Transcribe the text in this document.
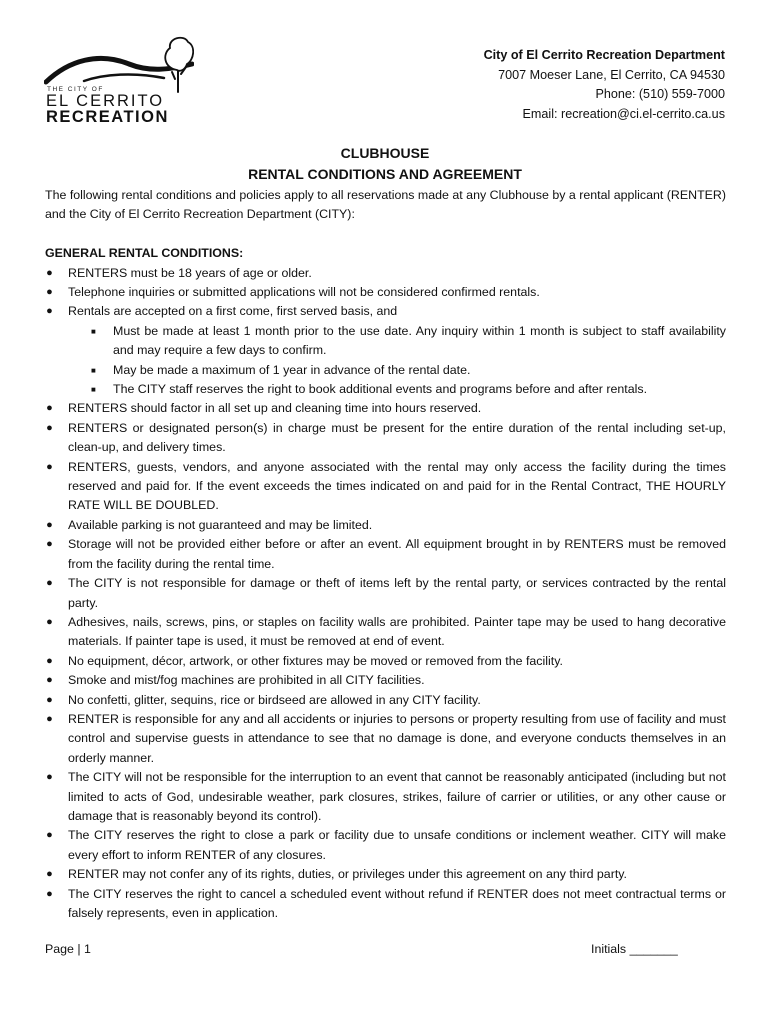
THE CITY OF
EL CERRITO
RECREATION
City of El Cerrito Recreation Department
7007 Moeser Lane, El Cerrito, CA 94530
Phone: (510) 559-7000
Email: recreation@ci.el-cerrito.ca.us
CLUBHOUSE
RENTAL CONDITIONS AND AGREEMENT

The following rental conditions and policies apply to all reservations made at any Clubhouse by a rental applicant (RENTER) and the City of El Cerrito Recreation Department (CITY):

GENERAL RENTAL CONDITIONS:
● RENTERS must be 18 years of age or older.
● Telephone inquiries or submitted applications will not be considered confirmed rentals.
● Rentals are accepted on a first come, first served basis, and
■ Must be made at least 1 month prior to the use date. Any inquiry within 1 month is subject to staff availability and may require a few days to confirm.
■ May be made a maximum of 1 year in advance of the rental date.
■ The CITY staff reserves the right to book additional events and programs before and after rentals.
● RENTERS should factor in all set up and cleaning time into hours reserved.
● RENTERS or designated person(s) in charge must be present for the entire duration of the rental including set-up, clean-up, and delivery times.
● RENTERS, guests, vendors, and anyone associated with the rental may only access the facility during the times reserved and paid for. If the event exceeds the times indicated on and paid for in the Rental Contract, THE HOURLY RATE WILL BE DOUBLED.
● Available parking is not guaranteed and may be limited.
● Storage will not be provided either before or after an event. All equipment brought in by RENTERS must be removed from the facility during the rental time.
● The CITY is not responsible for damage or theft of items left by the rental party, or services contracted by the rental party.
● Adhesives, nails, screws, pins, or staples on facility walls are prohibited. Painter tape may be used to hang decorative materials. If painter tape is used, it must be removed at end of event.
● No equipment, décor, artwork, or other fixtures may be moved or removed from the facility.
● Smoke and mist/fog machines are prohibited in all CITY facilities.
● No confetti, glitter, sequins, rice or birdseed are allowed in any CITY facility.
● RENTER is responsible for any and all accidents or injuries to persons or property resulting from use of facility and must control and supervise guests in attendance to see that no damage is done, and everyone conducts themselves in an orderly manner.
● The CITY will not be responsible for the interruption to an event that cannot be reasonably anticipated (including but not limited to acts of God, undesirable weather, park closures, strikes, failure of carrier or utilities, or any other cause or damage that is reasonably beyond its control).
● The CITY reserves the right to close a park or facility due to unsafe conditions or inclement weather. CITY will make every effort to inform RENTER of any closures.
● RENTER may not confer any of its rights, duties, or privileges under this agreement on any third party.
● The CITY reserves the right to cancel a scheduled event without refund if RENTER does not meet contractual terms or falsely represents, even in application.
Page | 1	Initials _______
